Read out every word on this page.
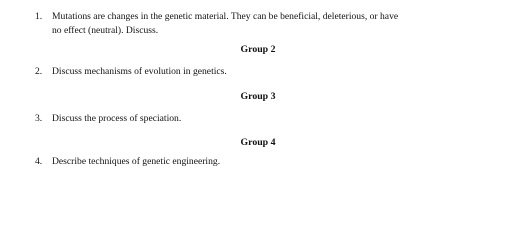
1. Mutations are changes in the genetic material. They can be beneficial, deleterious, or have
no effect (neutral). Discuss.
Group 2
2. Discuss mechanisms of evolution in genetics.
Group 3
3. Discuss the process of speciation.
Group 4
4. Describe techniques of genetic engineering.
